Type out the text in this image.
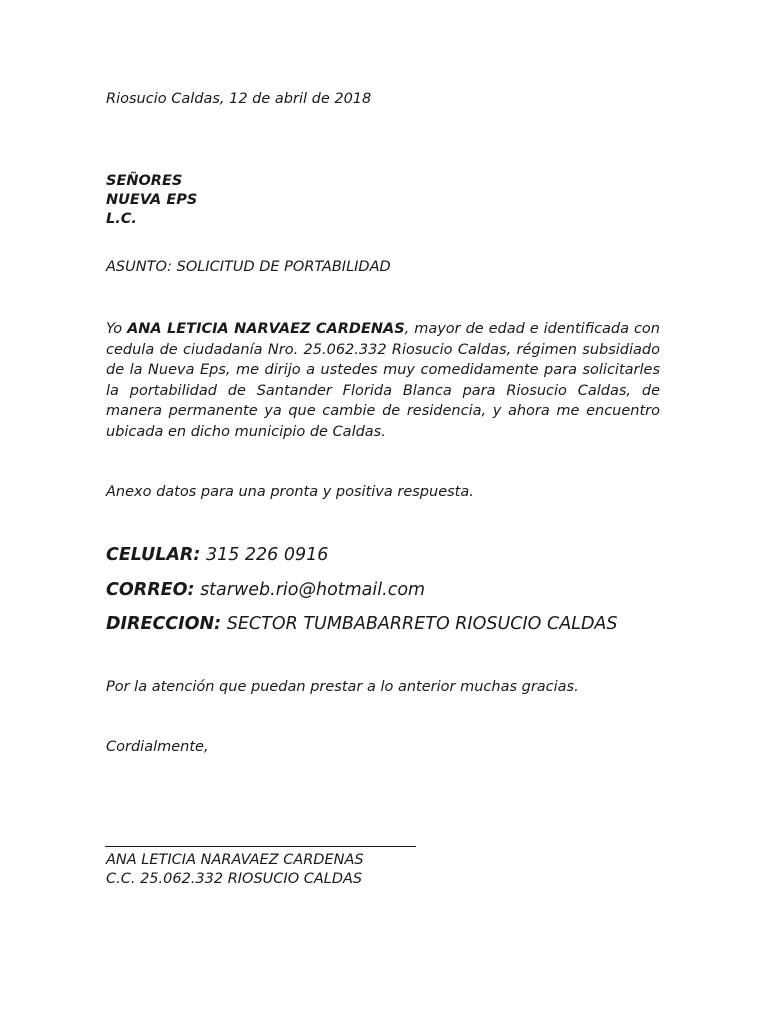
Riosucio Caldas, 12 de abril de 2018

SEÑORES
NUEVA EPS
L.C.

ASUNTO: SOLICITUD DE PORTABILIDAD

Yo ANA LETICIA NARVAEZ CARDENAS, mayor de edad e identificada con cedula de ciudadanía Nro. 25.062.332 Riosucio Caldas, régimen subsidiado de la Nueva Eps, me dirijo a ustedes muy comedidamente para solicitarles la portabilidad de Santander Florida Blanca para Riosucio Caldas, de manera permanente ya que cambie de residencia, y ahora me encuentro ubicada en dicho municipio de Caldas.

Anexo datos para una pronta y positiva respuesta.

CELULAR: 315 226 0916

CORREO: starweb.rio@hotmail.com

DIRECCION: SECTOR TUMBABARRETO RIOSUCIO CALDAS

Por la atención que puedan prestar a lo anterior muchas gracias.

Cordialmente,

ANA LETICIA NARAVAEZ CARDENAS
C.C. 25.062.332 RIOSUCIO CALDAS
